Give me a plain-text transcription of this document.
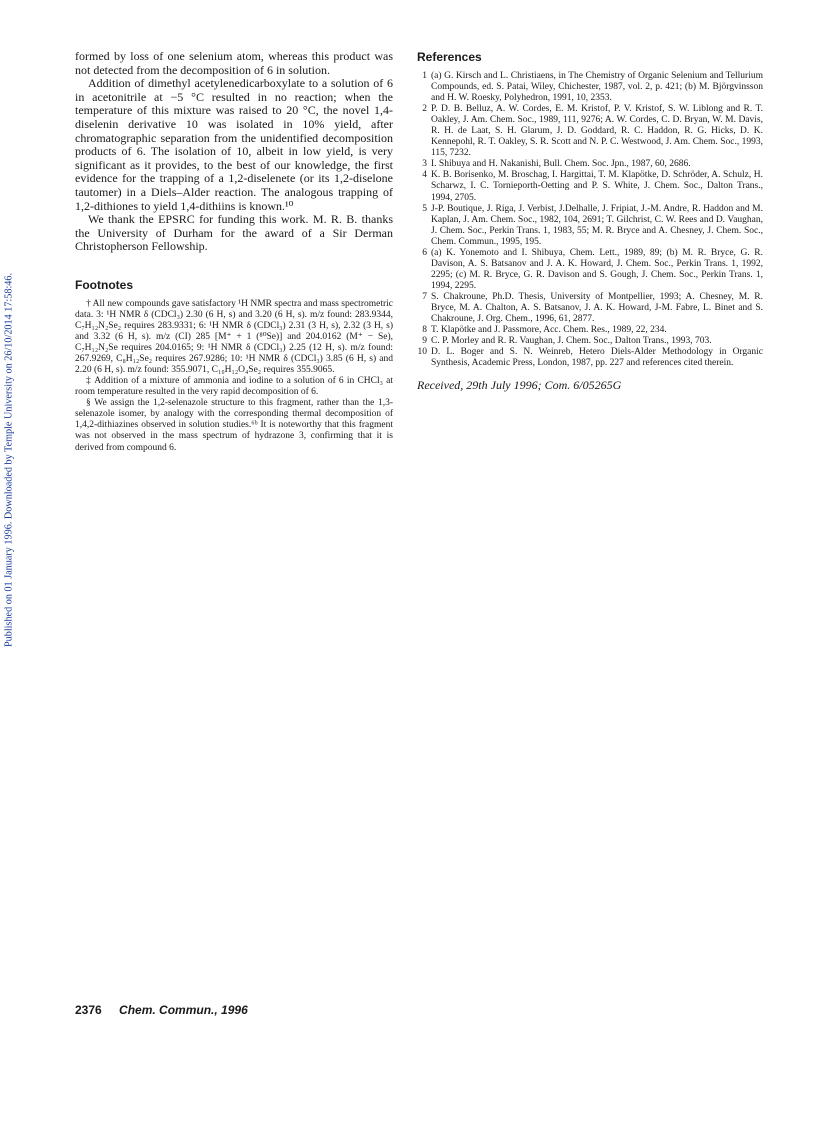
Published on 01 January 1996. Downloaded by Temple University on 26/10/2014 17:58:46.

formed by loss of one selenium atom, whereas this product was not detected from the decomposition of 6 in solution.

Addition of dimethyl acetylenedicarboxylate to a solution of 6 in acetonitrile at −5 °C resulted in no reaction; when the temperature of this mixture was raised to 20 °C, the novel 1,4-diselenin derivative 10 was isolated in 10% yield, after chromatographic separation from the unidentified decomposition products of 6. The isolation of 10, albeit in low yield, is very significant as it provides, to the best of our knowledge, the first evidence for the trapping of a 1,2-diselenete (or its 1,2-diselone tautomer) in a Diels–Alder reaction. The analogous trapping of 1,2-dithiones to yield 1,4-dithiins is known.¹⁰

We thank the EPSRC for funding this work. M. R. B. thanks the University of Durham for the award of a Sir Derman Christopherson Fellowship.

Footnotes

† All new compounds gave satisfactory ¹H NMR spectra and mass spectrometric data. 3: ¹H NMR δ (CDCl₃) 2.30 (6 H, s) and 3.20 (6 H, s). m/z found: 283.9344, C₇H₁₂N₂Se₂ requires 283.9331; 6: ¹H NMR δ (CDCl₃) 2.31 (3 H, s), 2.32 (3 H, s) and 3.32 (6 H, s). m/z (CI) 285 [M⁺ + 1 (⁸⁰Se)] and 204.0162 (M⁺ − Se), C₇H₁₂N₂Se requires 204.0165; 9: ¹H NMR δ (CDCl₃) 2.25 (12 H, s). m/z found: 267.9269, C₈H₁₂Se₂ requires 267.9286; 10: ¹H NMR δ (CDCl₃) 3.85 (6 H, s) and 2.20 (6 H, s). m/z found: 355.9071, C₁₀H₁₂O₄Se₂ requires 355.9065.

‡ Addition of a mixture of ammonia and iodine to a solution of 6 in CHCl₃ at room temperature resulted in the very rapid decomposition of 6.

§ We assign the 1,2-selenazole structure to this fragment, rather than the 1,3-selenazole isomer, by analogy with the corresponding thermal decomposition of 1,4,2-dithiazines observed in solution studies.⁶ᵇ It is noteworthy that this fragment was not observed in the mass spectrum of hydrazone 3, confirming that it is derived from compound 6.

References

1 (a) G. Kirsch and L. Christiaens, in The Chemistry of Organic Selenium and Tellurium Compounds, ed. S. Patai, Wiley, Chichester, 1987, vol. 2, p. 421; (b) M. Björgvinsson and H. W. Roesky, Polyhedron, 1991, 10, 2353.

2 P. D. B. Belluz, A. W. Cordes, E. M. Kristof, P. V. Kristof, S. W. Liblong and R. T. Oakley, J. Am. Chem. Soc., 1989, 111, 9276; A. W. Cordes, C. D. Bryan, W. M. Davis, R. H. de Laat, S. H. Glarum, J. D. Goddard, R. C. Haddon, R. G. Hicks, D. K. Kennepohl, R. T. Oakley, S. R. Scott and N. P. C. Westwood, J. Am. Chem. Soc., 1993, 115, 7232.

3 I. Shibuya and H. Nakanishi, Bull. Chem. Soc. Jpn., 1987, 60, 2686.

4 K. B. Borisenko, M. Broschag, I. Hargittai, T. M. Klapötke, D. Schröder, A. Schulz, H. Scharwz, I. C. Tornieporth-Oetting and P. S. White, J. Chem. Soc., Dalton Trans., 1994, 2705.

5 J-P. Boutique, J. Riga, J. Verbist, J.Delhalle, J. Fripiat, J.-M. Andre, R. Haddon and M. Kaplan, J. Am. Chem. Soc., 1982, 104, 2691; T. Gilchrist, C. W. Rees and D. Vaughan, J. Chem. Soc., Perkin Trans. 1, 1983, 55; M. R. Bryce and A. Chesney, J. Chem. Soc., Chem. Commun., 1995, 195.

6 (a) K. Yonemoto and I. Shibuya, Chem. Lett., 1989, 89; (b) M. R. Bryce, G. R. Davison, A. S. Batsanov and J. A. K. Howard, J. Chem. Soc., Perkin Trans. 1, 1992, 2295; (c) M. R. Bryce, G. R. Davison and S. Gough, J. Chem. Soc., Perkin Trans. 1, 1994, 2295.

7 S. Chakroune, Ph.D. Thesis, University of Montpellier, 1993; A. Chesney, M. R. Bryce, M. A. Chalton, A. S. Batsanov, J. A. K. Howard, J-M. Fabre, L. Binet and S. Chakroune, J. Org. Chem., 1996, 61, 2877.

8 T. Klapötke and J. Passmore, Acc. Chem. Res., 1989, 22, 234.

9 C. P. Morley and R. R. Vaughan, J. Chem. Soc., Dalton Trans., 1993, 703.

10 D. L. Boger and S. N. Weinreb, Hetero Diels-Alder Methodology in Organic Synthesis, Academic Press, London, 1987, pp. 227 and references cited therein.

Received, 29th July 1996; Com. 6/05265G

2376 Chem. Commun., 1996
